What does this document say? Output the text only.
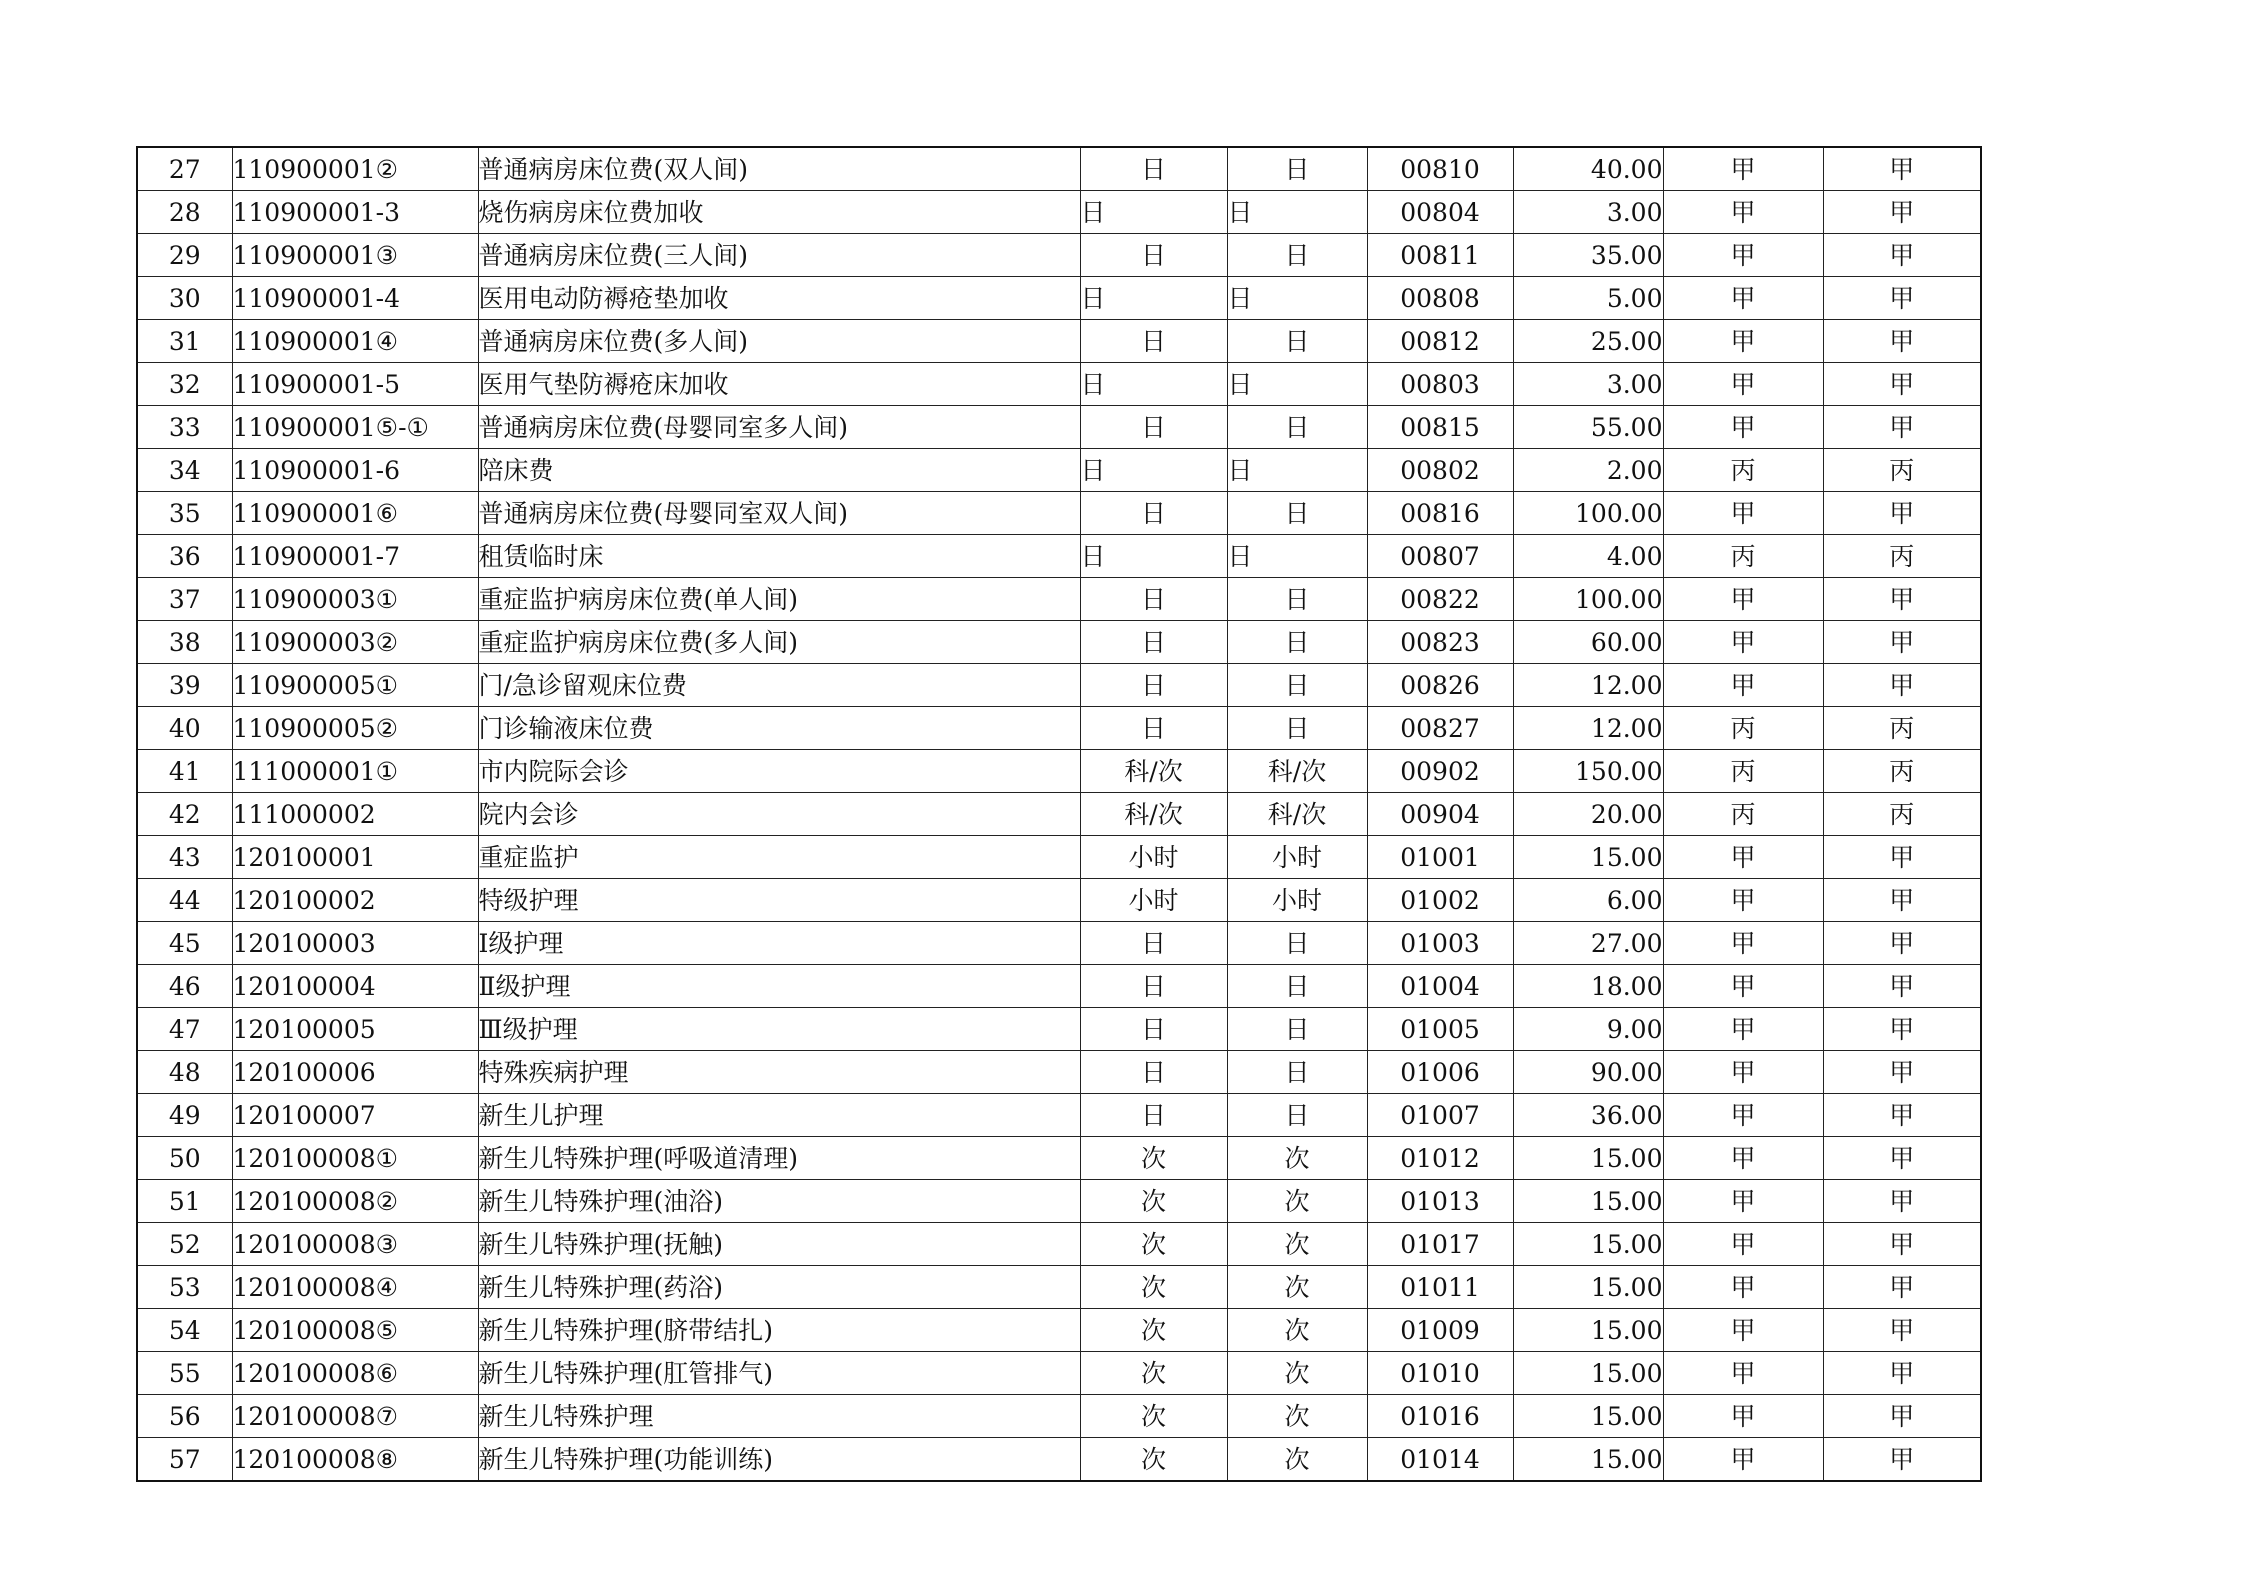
27	110900001②	普通病房床位费(双人间)	日	日	00810	40.00	甲	甲
28	110900001-3	烧伤病房床位费加收	日	日	00804	3.00	甲	甲
29	110900001③	普通病房床位费(三人间)	日	日	00811	35.00	甲	甲
30	110900001-4	医用电动防褥疮垫加收	日	日	00808	5.00	甲	甲
31	110900001④	普通病房床位费(多人间)	日	日	00812	25.00	甲	甲
32	110900001-5	医用气垫防褥疮床加收	日	日	00803	3.00	甲	甲
33	110900001⑤-①	普通病房床位费(母婴同室多人间)	日	日	00815	55.00	甲	甲
34	110900001-6	陪床费	日	日	00802	2.00	丙	丙
35	110900001⑥	普通病房床位费(母婴同室双人间)	日	日	00816	100.00	甲	甲
36	110900001-7	租赁临时床	日	日	00807	4.00	丙	丙
37	110900003①	重症监护病房床位费(单人间)	日	日	00822	100.00	甲	甲
38	110900003②	重症监护病房床位费(多人间)	日	日	00823	60.00	甲	甲
39	110900005①	门/急诊留观床位费	日	日	00826	12.00	甲	甲
40	110900005②	门诊输液床位费	日	日	00827	12.00	丙	丙
41	111000001①	市内院际会诊	科/次	科/次	00902	150.00	丙	丙
42	111000002	院内会诊	科/次	科/次	00904	20.00	丙	丙
43	120100001	重症监护	小时	小时	01001	15.00	甲	甲
44	120100002	特级护理	小时	小时	01002	6.00	甲	甲
45	120100003	Ⅰ级护理	日	日	01003	27.00	甲	甲
46	120100004	Ⅱ级护理	日	日	01004	18.00	甲	甲
47	120100005	Ⅲ级护理	日	日	01005	9.00	甲	甲
48	120100006	特殊疾病护理	日	日	01006	90.00	甲	甲
49	120100007	新生儿护理	日	日	01007	36.00	甲	甲
50	120100008①	新生儿特殊护理(呼吸道清理)	次	次	01012	15.00	甲	甲
51	120100008②	新生儿特殊护理(油浴)	次	次	01013	15.00	甲	甲
52	120100008③	新生儿特殊护理(抚触)	次	次	01017	15.00	甲	甲
53	120100008④	新生儿特殊护理(药浴)	次	次	01011	15.00	甲	甲
54	120100008⑤	新生儿特殊护理(脐带结扎)	次	次	01009	15.00	甲	甲
55	120100008⑥	新生儿特殊护理(肛管排气)	次	次	01010	15.00	甲	甲
56	120100008⑦	新生儿特殊护理	次	次	01016	15.00	甲	甲
57	120100008⑧	新生儿特殊护理(功能训练)	次	次	01014	15.00	甲	甲
